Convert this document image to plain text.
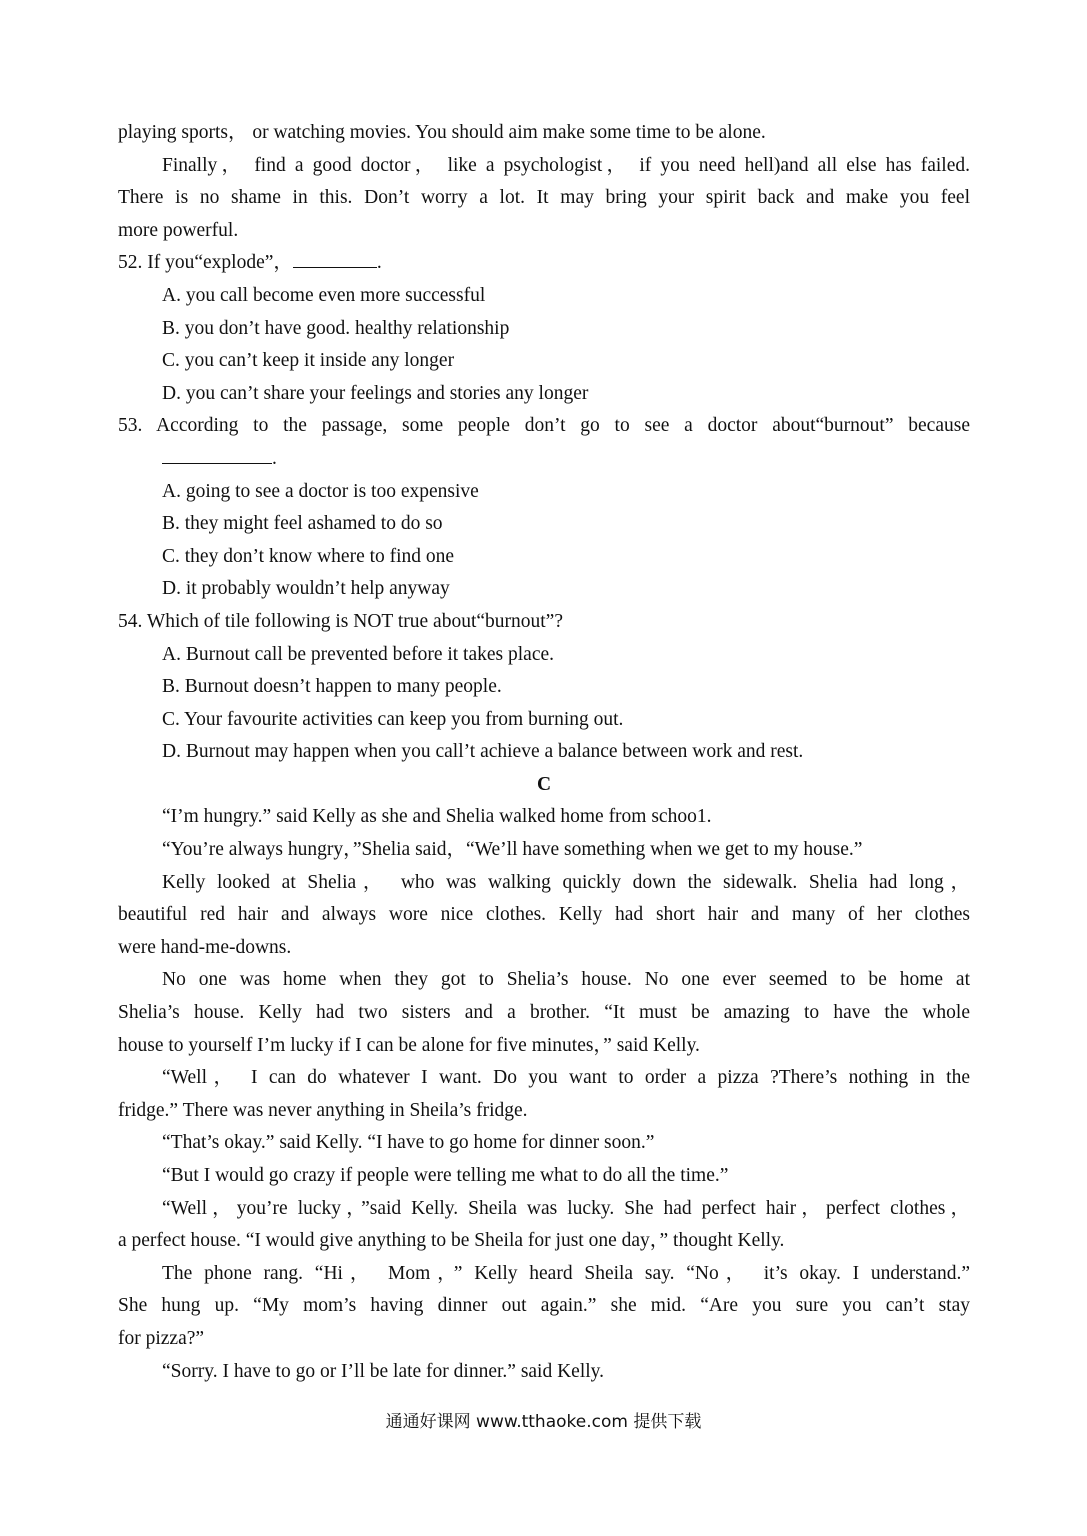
playing sports， or watching movies. You should aim make some time to be alone.
Finally， find a good doctor， like a psychologist， if you need hell)and all else has failed.
There is no shame in this. Don’t worry a lot. It may bring your spirit back and make you feel
more powerful.
52. If you“explode”，	.
A. you call become even more successful
B. you don’t have good. healthy relationship
C. you can’t keep it inside any longer
D. you can’t share your feelings and stories any longer
53. According to the passage, some people don’t go to see a doctor about“burnout” because
.
A. going to see a doctor is too expensive
B. they might feel ashamed to do so
C. they don’t know where to find one
D. it probably wouldn’t help anyway
54. Which of tile following is NOT true about“burnout”?
A. Burnout call be prevented before it takes place.
B. Burnout doesn’t happen to many people.
C. Your favourite activities can keep you from burning out.
D. Burnout may happen when you call’t achieve a balance between work and rest.
C
“I’m hungry.” said Kelly as she and Shelia walked home from schoo1.
“You’re always hungry，”Shelia said，“We’ll have something when we get to my house.”
Kelly looked at Shelia， who was walking quickly down the sidewalk. Shelia had long，
beautiful red hair and always wore nice clothes. Kelly had short hair and many of her clothes
were hand-me-downs.
No one was home when they got to Shelia’s house. No one ever seemed to be home at
Shelia’s house. Kelly had two sisters and a brother. “It must be amazing to have the whole
house to yourself I’m lucky if I can be alone for five minutes，” said Kelly.
“Well， I can do whatever I want. Do you want to order a pizza ?There’s nothing in the
fridge.” There was never anything in Sheila’s fridge.
“That’s okay.” said Kelly. “I have to go home for dinner soon.”
“But I would go crazy if people were telling me what to do all the time.”
“Well，you’re lucky，”said Kelly. Sheila was lucky. She had perfect hair，perfect clothes，
a perfect house. “I would give anything to be Sheila for just one day，” thought Kelly.
The phone rang. “Hi， Mom，” Kelly heard Sheila say. “No， it’s okay. I understand.”
She hung up. “My mom’s having dinner out again.” she mid. “Are you sure you can’t stay
for pizza?”
“Sorry. I have to go or I’ll be late for dinner.” said Kelly.
通通好课网 www.tthaoke.com 提供下载
